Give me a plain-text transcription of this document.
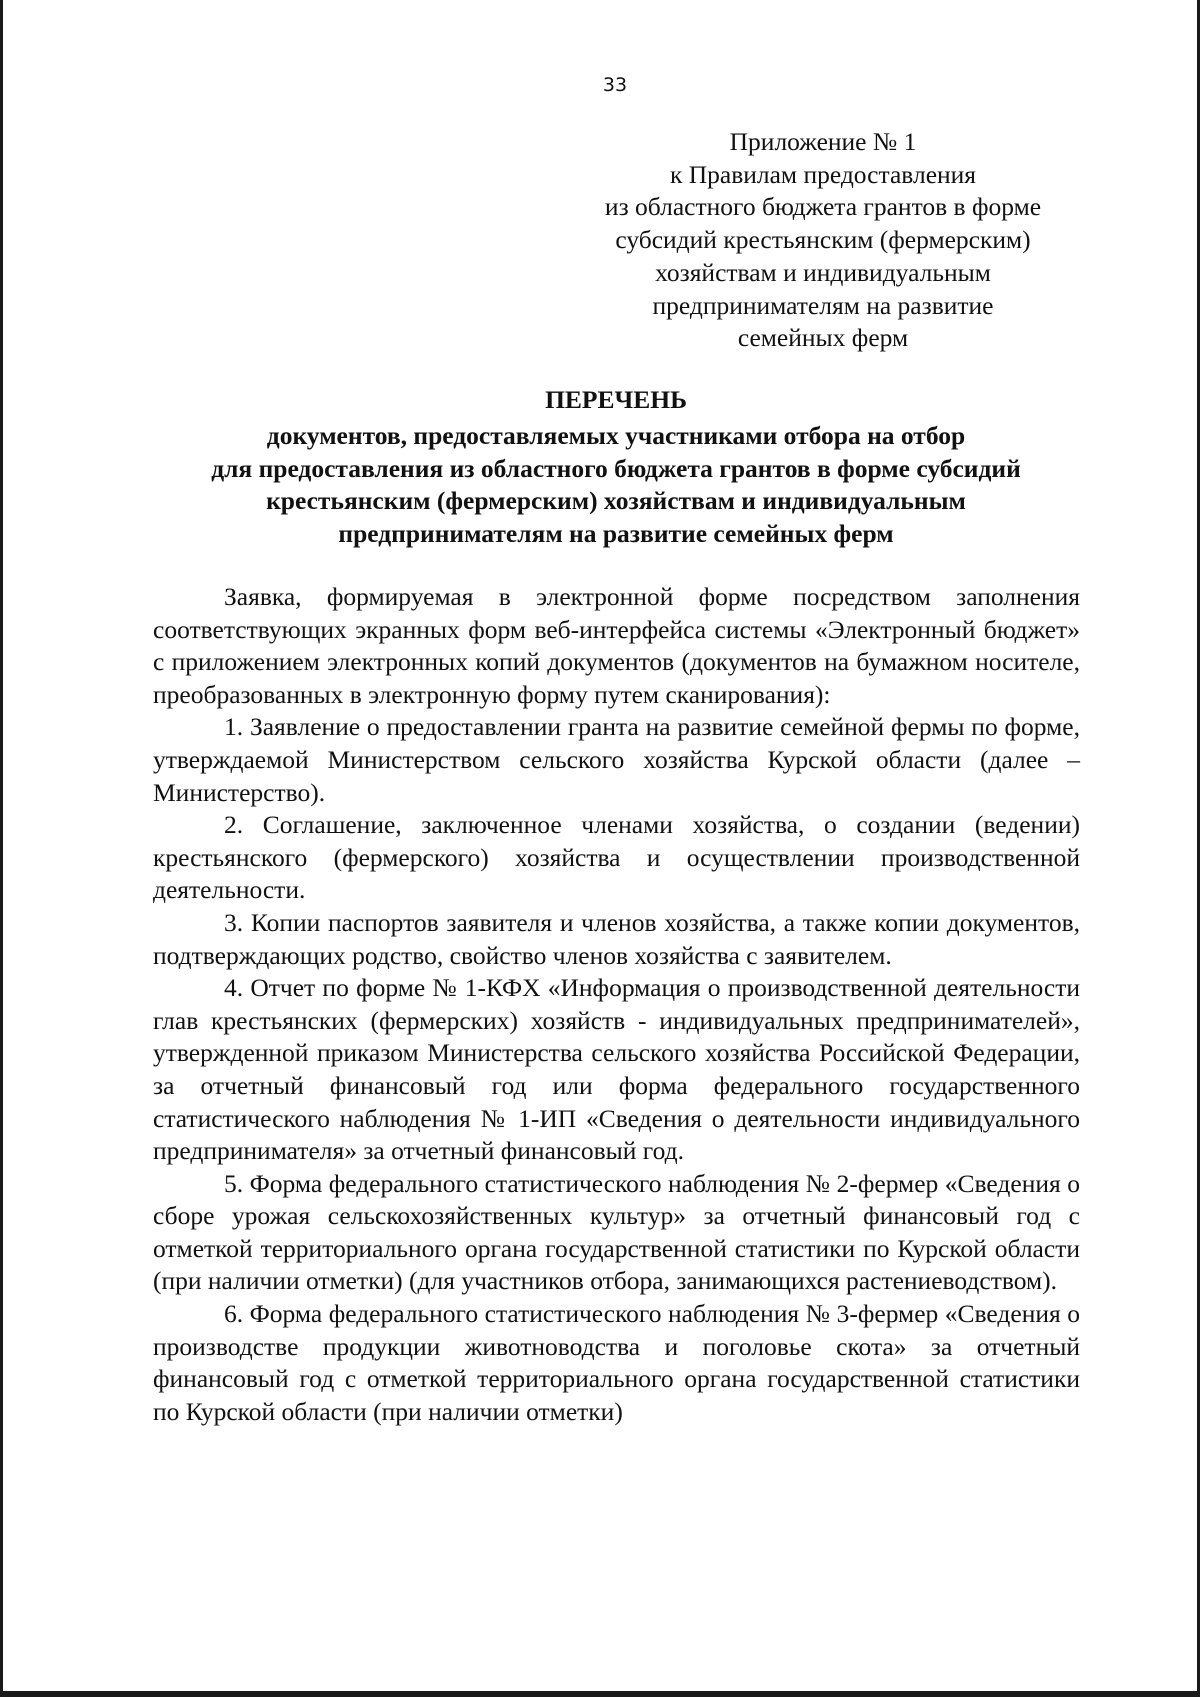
33
Приложение № 1
к Правилам предоставления
из областного бюджета грантов в форме
субсидий крестьянским (фермерским)
хозяйствам и индивидуальным
предпринимателям на развитие
семейных ферм
ПЕРЕЧЕНЬ
документов, предоставляемых участниками отбора на отбор
для предоставления из областного бюджета грантов в форме субсидий
крестьянским (фермерским) хозяйствам и индивидуальным
предпринимателям на развитие семейных ферм

Заявка, формируемая в электронной форме посредством заполнения соответствующих экранных форм веб-интерфейса системы «Электронный бюджет» с приложением электронных копий документов (документов на бумажном носителе, преобразованных в электронную форму путем сканирования):

1. Заявление о предоставлении гранта на развитие семейной фермы по форме, утверждаемой Министерством сельского хозяйства Курской области (далее – Министерство).

2. Соглашение, заключенное членами хозяйства, о создании (ведении) крестьянского (фермерского) хозяйства и осуществлении производственной деятельности.

3. Копии паспортов заявителя и членов хозяйства, а также копии документов, подтверждающих родство, свойство членов хозяйства с заявителем.

4. Отчет по форме № 1-КФХ «Информация о производственной деятельности глав крестьянских (фермерских) хозяйств - индивидуальных предпринимателей», утвержденной приказом Министерства сельского хозяйства Российской Федерации, за отчетный финансовый год или форма федерального государственного статистического наблюдения № 1-ИП «Сведения о деятельности индивидуального предпринимателя» за отчетный финансовый год.

5. Форма федерального статистического наблюдения № 2-фермер «Сведения о сборе урожая сельскохозяйственных культур» за отчетный финансовый год с отметкой территориального органа государственной статистики по Курской области (при наличии отметки) (для участников отбора, занимающихся растениеводством).

6. Форма федерального статистического наблюдения № 3-фермер «Сведения о производстве продукции животноводства и поголовье скота» за отчетный финансовый год с отметкой территориального органа государственной статистики по Курской области (при наличии отметки)
